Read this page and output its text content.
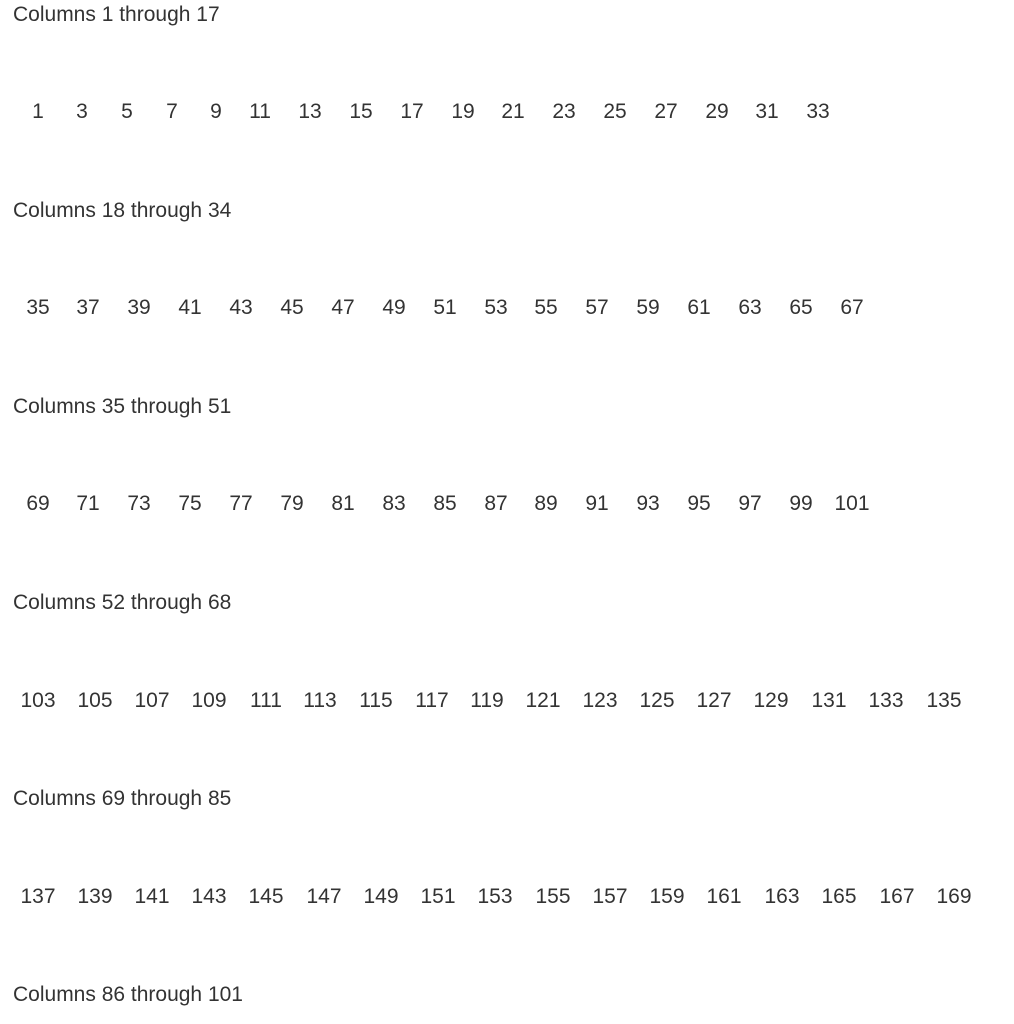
Columns 1 through 17
1 3 5 7 9 11 13 15 17 19 21 23 25 27 29 31 33
Columns 18 through 34
35 37 39 41 43 45 47 49 51 53 55 57 59 61 63 65 67
Columns 35 through 51
69 71 73 75 77 79 81 83 85 87 89 91 93 95 97 99 101
Columns 52 through 68
103 105 107 109 111 113 115 117 119 121 123 125 127 129 131 133 135
Columns 69 through 85
137 139 141 143 145 147 149 151 153 155 157 159 161 163 165 167 169
Columns 86 through 101
